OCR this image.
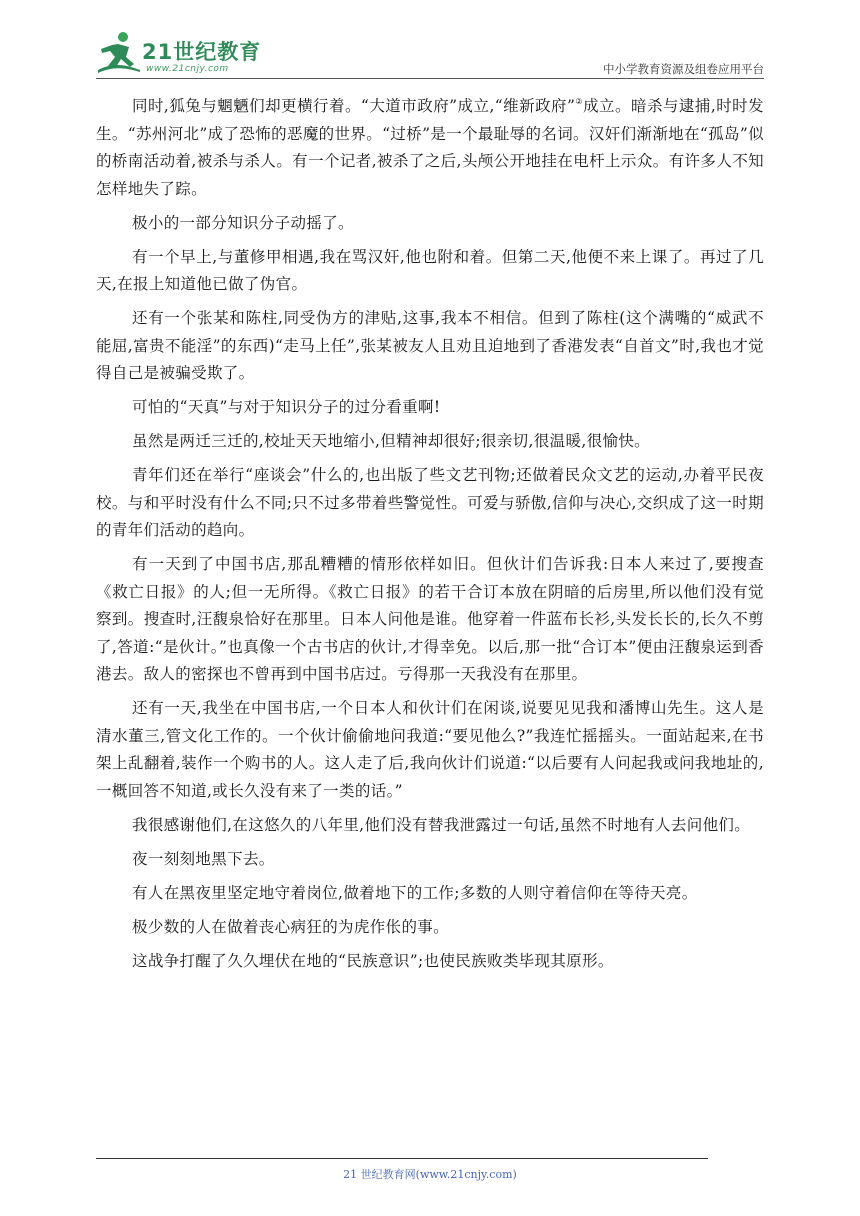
21世纪教育
www.21cnjy.com	中小学教育资源及组卷应用平台

同时,狐兔与魍魉们却更横行着。“大道市政府”成立,“维新政府”②成立。暗杀与逮捕,时时发生。“苏州河北”成了恐怖的恶魔的世界。“过桥”是一个最耻辱的名词。汉奸们渐渐地在“孤岛”似的桥南活动着,被杀与杀人。有一个记者,被杀了之后,头颅公开地挂在电杆上示众。有许多人不知怎样地失了踪。

极小的一部分知识分子动摇了。

有一个早上,与董修甲相遇,我在骂汉奸,他也附和着。但第二天,他便不来上课了。再过了几天,在报上知道他已做了伪官。

还有一个张某和陈柱,同受伪方的津贴,这事,我本不相信。但到了陈柱(这个满嘴的“威武不能屈,富贵不能淫”的东西)“走马上任”,张某被友人且劝且迫地到了香港发表“自首文”时,我也才觉得自己是被骗受欺了。

可怕的“天真”与对于知识分子的过分看重啊!

虽然是两迁三迁的,校址天天地缩小,但精神却很好;很亲切,很温暖,很愉快。

青年们还在举行“座谈会”什么的,也出版了些文艺刊物;还做着民众文艺的运动,办着平民夜校。与和平时没有什么不同;只不过多带着些警觉性。可爱与骄傲,信仰与决心,交织成了这一时期的青年们活动的趋向。

有一天到了中国书店,那乱糟糟的情形依样如旧。但伙计们告诉我:日本人来过了,要搜查《救亡日报》的人;但一无所得。《救亡日报》的若干合订本放在阴暗的后房里,所以他们没有觉察到。搜查时,汪馥泉恰好在那里。日本人问他是谁。他穿着一件蓝布长衫,头发长长的,长久不剪了,答道:“是伙计。”也真像一个古书店的伙计,才得幸免。以后,那一批“合订本”便由汪馥泉运到香港去。敌人的密探也不曾再到中国书店过。亏得那一天我没有在那里。

还有一天,我坐在中国书店,一个日本人和伙计们在闲谈,说要见见我和潘博山先生。这人是清水董三,管文化工作的。一个伙计偷偷地问我道:“要见他么?”我连忙摇摇头。一面站起来,在书架上乱翻着,装作一个购书的人。这人走了后,我向伙计们说道:“以后要有人问起我或问我地址的,一概回答不知道,或长久没有来了一类的话。”

我很感谢他们,在这悠久的八年里,他们没有替我泄露过一句话,虽然不时地有人去问他们。

夜一刻刻地黑下去。

有人在黑夜里坚定地守着岗位,做着地下的工作;多数的人则守着信仰在等待天亮。

极少数的人在做着丧心病狂的为虎作伥的事。

这战争打醒了久久埋伏在地的“民族意识”;也使民族败类毕现其原形。

21 世纪教育网(www.21cnjy.com)
